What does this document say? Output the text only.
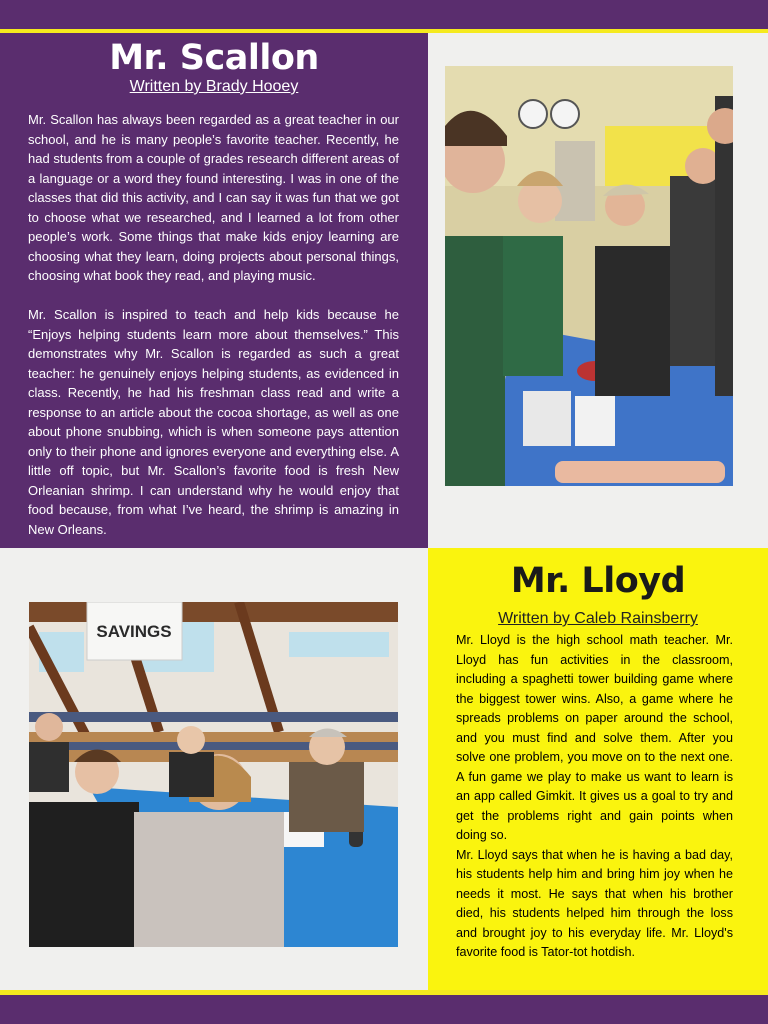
Mr. Scallon

Written by Brady Hooey

Mr. Scallon has always been regarded as a great teacher in our school, and he is many people’s favorite teacher. Recently, he had students from a couple of grades research different areas of a language or a word they found interesting. I was in one of the classes that did this activity, and I can say it was fun that we got to choose what we researched, and I learned a lot from other people’s work. Some things that make kids enjoy learning are choosing what they learn, doing projects about personal things, choosing what book they read, and playing music.

Mr. Scallon is inspired to teach and help kids because he “Enjoys helping students learn more about themselves.” This demonstrates why Mr. Scallon is regarded as such a great teacher: he genuinely enjoys helping students, as evidenced in class. Recently, he had his freshman class read and write a response to an article about the cocoa shortage, as well as one about phone snubbing, which is when someone pays attention only to their phone and ignores everyone and everything else. A little off topic, but Mr. Scallon’s favorite food is fresh New Orleanian shrimp. I can understand why he would enjoy that food because, from what I’ve heard, the shrimp is amazing in New Orleans.

SAVINGS
Mr. Lloyd

Written by Caleb Rainsberry

Mr. Lloyd is the high school math teacher. Mr. Lloyd has fun activities in the classroom, including a spaghetti tower building game where the biggest tower wins. Also, a game where he spreads problems on paper around the school, and you must find and solve them. After you solve one problem, you move on to the next one. A fun game we play to make us want to learn is an app called Gimkit. It gives us a goal to try and get the problems right and gain points when doing so.

Mr. Lloyd says that when he is having a bad day, his students help him and bring him joy when he needs it most. He says that when his brother died, his students helped him through the loss and brought joy to his everyday life. Mr. Lloyd's favorite food is Tator-tot hotdish.
